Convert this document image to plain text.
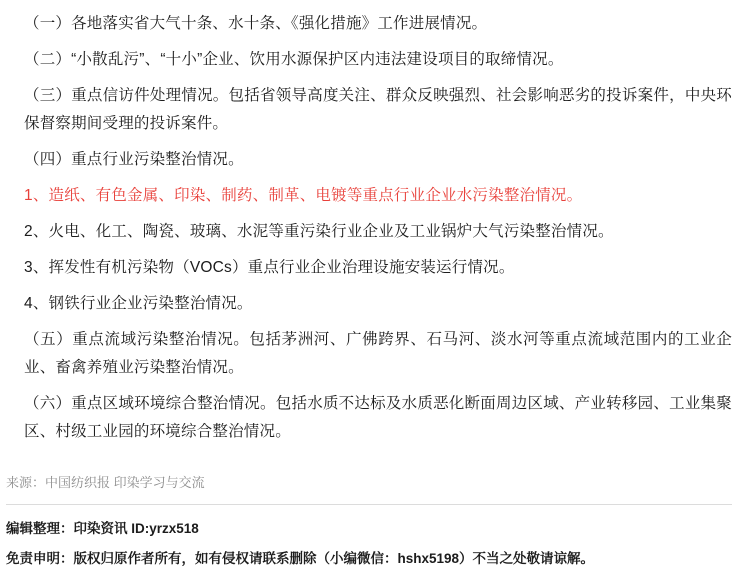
（一）各地落实省大气十条、水十条、《强化措施》工作进展情况。

（二）“小散乱污”、“十小”企业、饮用水源保护区内违法建设项目的取缔情况。

（三）重点信访件处理情况。包括省领导高度关注、群众反映强烈、社会影响恶劣的投诉案件，中央环保督察期间受理的投诉案件。

（四）重点行业污染整治情况。

1、造纸、有色金属、印染、制药、制革、电镀等重点行业企业水污染整治情况。

2、火电、化工、陶瓷、玻璃、水泥等重污染行业企业及工业锅炉大气污染整治情况。

3、挥发性有机污染物（VOCs）重点行业企业治理设施安装运行情况。

4、钢铁行业企业污染整治情况。

（五）重点流域污染整治情况。包括茅洲河、广佛跨界、石马河、淡水河等重点流域范围内的工业企业、畜禽养殖业污染整治情况。

（六）重点区域环境综合整治情况。包括水质不达标及水质恶化断面周边区域、产业转移园、工业集聚区、村级工业园的环境综合整治情况。

来源：中国纺织报 印染学习与交流
编辑整理：印染资讯 ID:yrzx518
免责申明：版权归原作者所有，如有侵权请联系删除（小编微信：hshx5198）不当之处敬请谅解。
